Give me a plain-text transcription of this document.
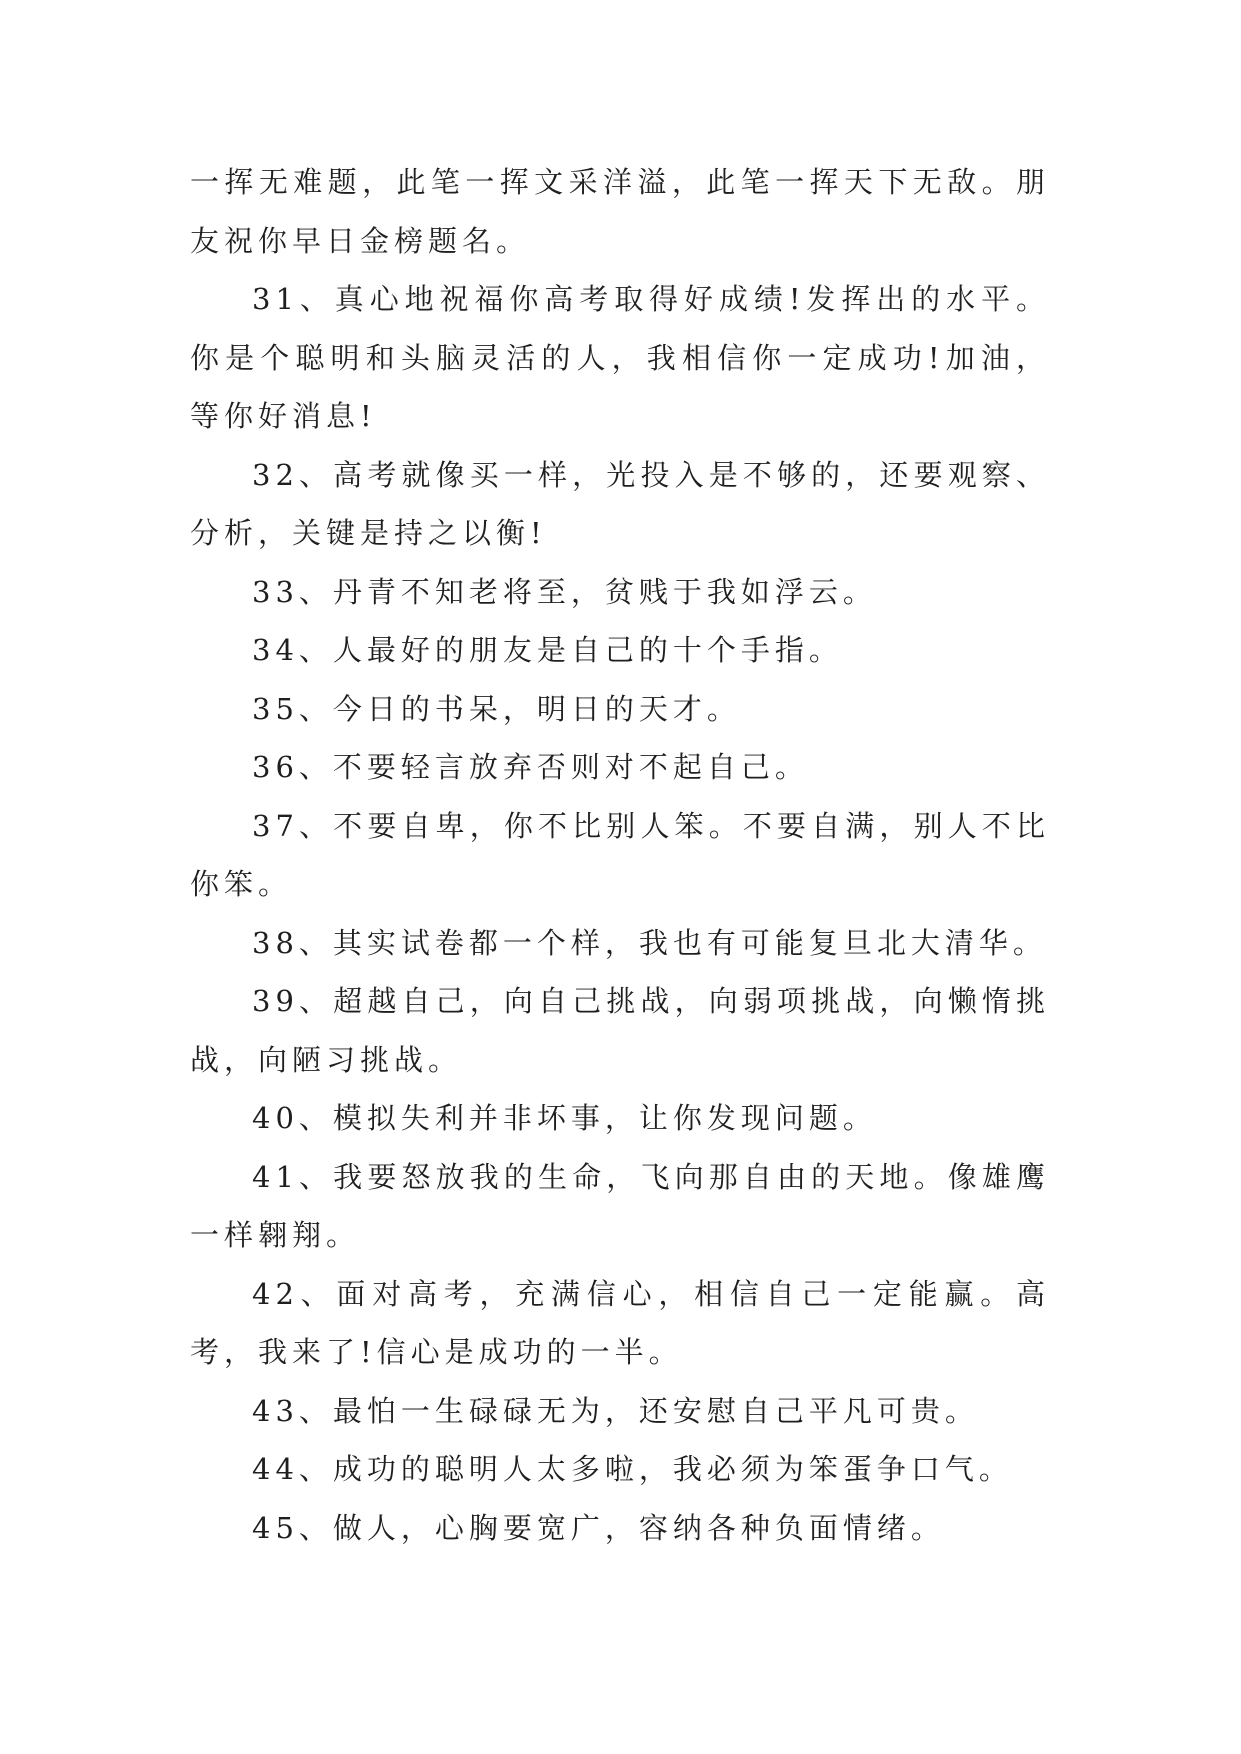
一挥无难题，此笔一挥文采洋溢，此笔一挥天下无敌。朋友祝你早日金榜题名。

31、真心地祝福你高考取得好成绩!发挥出的水平。你是个聪明和头脑灵活的人，我相信你一定成功!加油，等你好消息!

32、高考就像买一样，光投入是不够的，还要观察、分析，关键是持之以衡!

33、丹青不知老将至，贫贱于我如浮云。

34、人最好的朋友是自己的十个手指。

35、今日的书呆，明日的天才。

36、不要轻言放弃否则对不起自己。

37、不要自卑，你不比别人笨。不要自满，别人不比你笨。

38、其实试卷都一个样，我也有可能复旦北大清华。

39、超越自己，向自己挑战，向弱项挑战，向懒惰挑战，向陋习挑战。

40、模拟失利并非坏事，让你发现问题。

41、我要怒放我的生命，飞向那自由的天地。像雄鹰一样翱翔。

42、面对高考，充满信心，相信自己一定能赢。高考，我来了!信心是成功的一半。

43、最怕一生碌碌无为，还安慰自己平凡可贵。

44、成功的聪明人太多啦，我必须为笨蛋争口气。

45、做人，心胸要宽广，容纳各种负面情绪。
